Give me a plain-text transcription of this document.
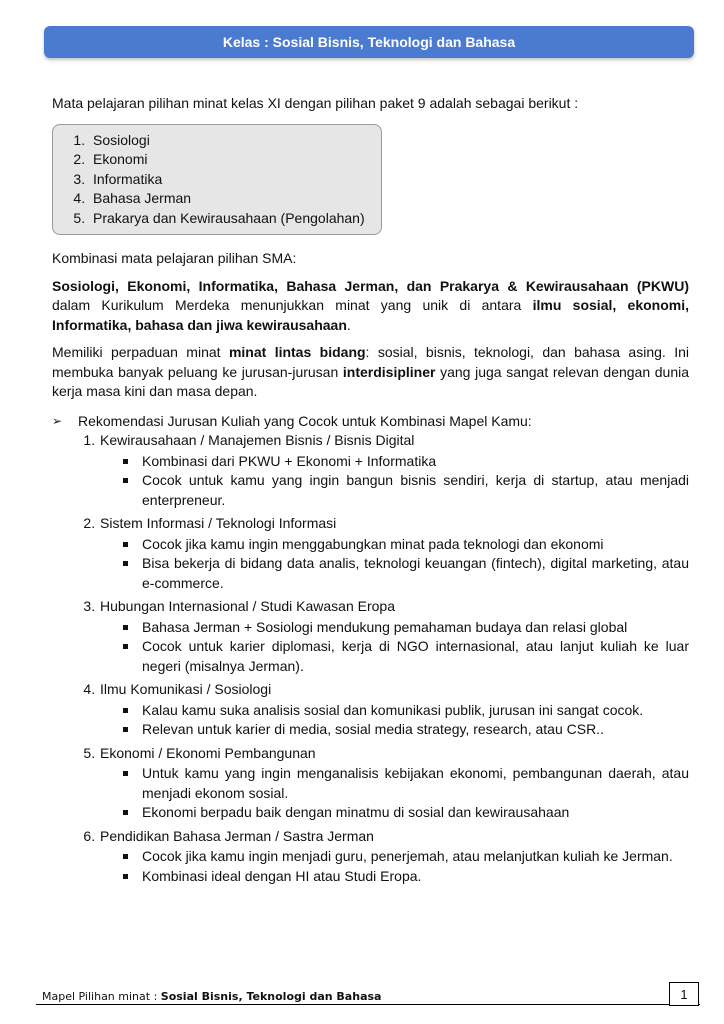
Kelas : Sosial Bisnis, Teknologi dan Bahasa

Mata pelajaran pilihan minat kelas XI dengan pilihan paket 9 adalah sebagai berikut :

1. Sosiologi
2. Ekonomi
3. Informatika
4. Bahasa Jerman
5. Prakarya dan Kewirausahaan (Pengolahan)

Kombinasi mata pelajaran pilihan SMA:

Sosiologi, Ekonomi, Informatika, Bahasa Jerman, dan Prakarya & Kewirausahaan (PKWU) dalam Kurikulum Merdeka menunjukkan minat yang unik di antara ilmu sosial, ekonomi, Informatika, bahasa dan jiwa kewirausahaan.

Memiliki perpaduan minat minat lintas bidang: sosial, bisnis, teknologi, dan bahasa asing. Ini membuka banyak peluang ke jurusan-jurusan interdisipliner yang juga sangat relevan dengan dunia kerja masa kini dan masa depan.

➢	Rekomendasi Jurusan Kuliah yang Cocok untuk Kombinasi Mapel Kamu:
1. Kewirausahaan / Manajemen Bisnis / Bisnis Digital
Kombinasi dari PKWU + Ekonomi + Informatika
Cocok untuk kamu yang ingin bangun bisnis sendiri, kerja di startup, atau menjadi enterpreneur.
2. Sistem Informasi / Teknologi Informasi
Cocok jika kamu ingin menggabungkan minat pada teknologi dan ekonomi
Bisa bekerja di bidang data analis, teknologi keuangan (fintech), digital marketing, atau e-commerce.
3. Hubungan Internasional / Studi Kawasan Eropa
Bahasa Jerman + Sosiologi mendukung pemahaman budaya dan relasi global
Cocok untuk karier diplomasi, kerja di NGO internasional, atau lanjut kuliah ke luar negeri (misalnya Jerman).
4. Ilmu Komunikasi / Sosiologi
Kalau kamu suka analisis sosial dan komunikasi publik, jurusan ini sangat cocok.
Relevan untuk karier di media, sosial media strategy, research, atau CSR..
5. Ekonomi / Ekonomi Pembangunan
Untuk kamu yang ingin menganalisis kebijakan ekonomi, pembangunan daerah, atau menjadi ekonom sosial.
Ekonomi berpadu baik dengan minatmu di sosial dan kewirausahaan
6. Pendidikan Bahasa Jerman / Sastra Jerman
Cocok jika kamu ingin menjadi guru, penerjemah, atau melanjutkan kuliah ke Jerman.
Kombinasi ideal dengan HI atau Studi Eropa.
Mapel Pilihan minat : Sosial Bisnis, Teknologi dan Bahasa	1
